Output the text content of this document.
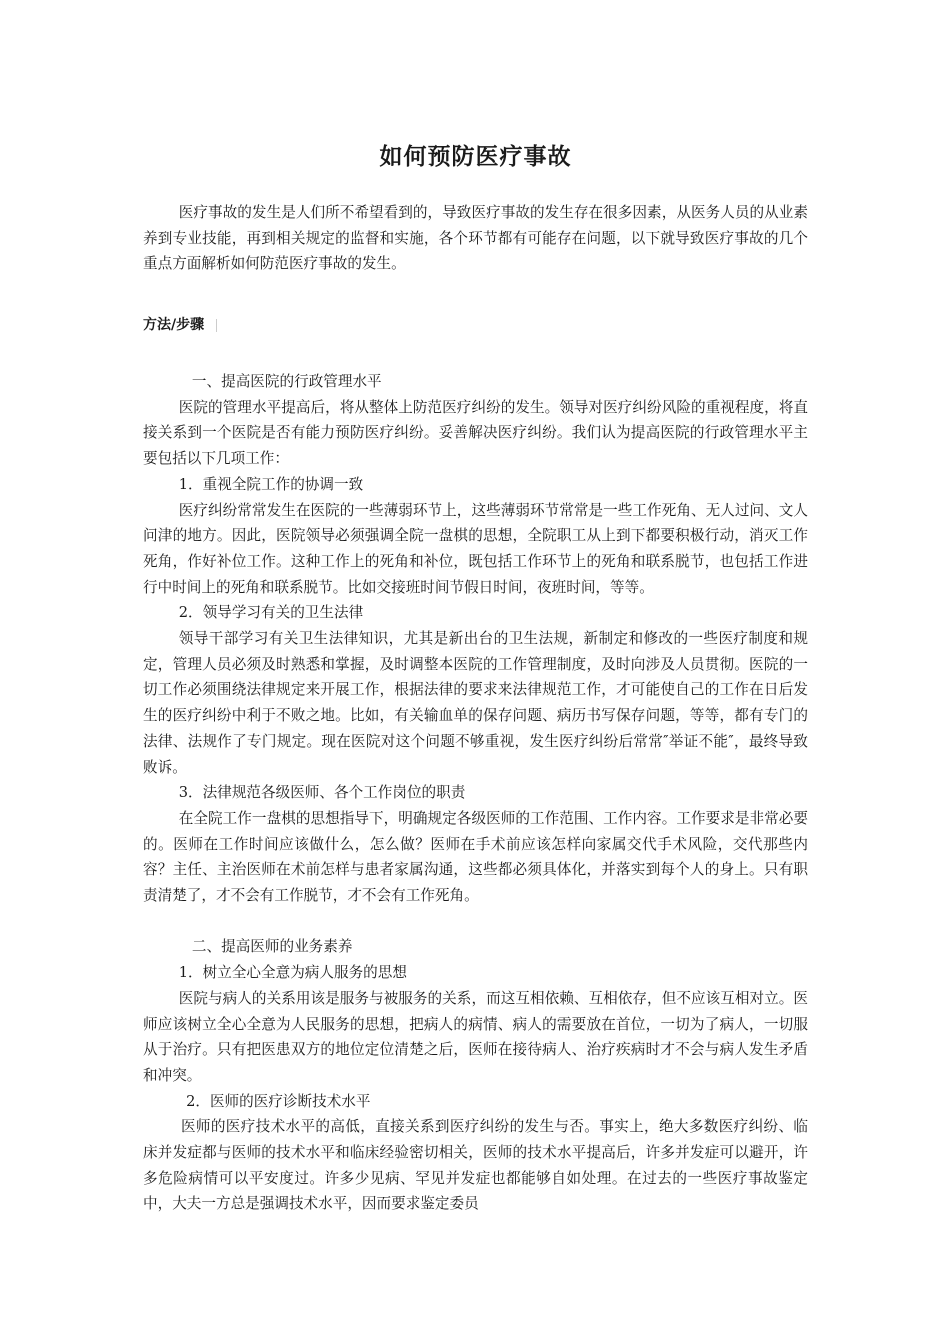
如何预防医疗事故

医疗事故的发生是人们所不希望看到的，导致医疗事故的发生存在很多因素，从医务人员的从业素养到专业技能，再到相关规定的监督和实施，各个环节都有可能存在问题，以下就导致医疗事故的几个重点方面解析如何防范医疗事故的发生。

方法/步骤

一、提高医院的行政管理水平

医院的管理水平提高后，将从整体上防范医疗纠纷的发生。领导对医疗纠纷风险的重视程度，将直接关系到一个医院是否有能力预防医疗纠纷。妥善解决医疗纠纷。我们认为提高医院的行政管理水平主要包括以下几项工作：

1．重视全院工作的协调一致

医疗纠纷常常发生在医院的一些薄弱环节上，这些薄弱环节常常是一些工作死角、无人过问、文人问津的地方。因此，医院领导必须强调全院一盘棋的思想，全院职工从上到下都要积极行动，消灭工作死角，作好补位工作。这种工作上的死角和补位，既包括工作环节上的死角和联系脱节，也包括工作进行中时间上的死角和联系脱节。比如交接班时间节假日时间，夜班时间，等等。

2．领导学习有关的卫生法律

领导干部学习有关卫生法律知识，尤其是新出台的卫生法规，新制定和修改的一些医疗制度和规定，管理人员必须及时熟悉和掌握，及时调整本医院的工作管理制度，及时向涉及人员贯彻。医院的一切工作必须围绕法律规定来开展工作，根据法律的要求来法律规范工作，才可能使自己的工作在日后发生的医疗纠纷中利于不败之地。比如，有关输血单的保存问题、病历书写保存问题，等等，都有专门的法律、法规作了专门规定。现在医院对这个问题不够重视，发生医疗纠纷后常常″举证不能″，最终导致败诉。

3．法律规范各级医师、各个工作岗位的职责

在全院工作一盘棋的思想指导下，明确规定各级医师的工作范围、工作内容。工作要求是非常必要的。医师在工作时间应该做什么，怎么做？医师在手术前应该怎样向家属交代手术风险，交代那些内容？主任、主治医师在术前怎样与患者家属沟通，这些都必须具体化，并落实到每个人的身上。只有职责清楚了，才不会有工作脱节，才不会有工作死角。

二、提高医师的业务素养

1．树立全心全意为病人服务的思想

医院与病人的关系用该是服务与被服务的关系，而这互相依赖、互相依存，但不应该互相对立。医师应该树立全心全意为人民服务的思想，把病人的病情、病人的需要放在首位，一切为了病人，一切服从于治疗。只有把医患双方的地位定位清楚之后，医师在接待病人、治疗疾病时才不会与病人发生矛盾和冲突。

2．医师的医疗诊断技术水平

医师的医疗技术水平的高低，直接关系到医疗纠纷的发生与否。事实上，绝大多数医疗纠纷、临床并发症都与医师的技术水平和临床经验密切相关，医师的技术水平提高后，许多并发症可以避开，许多危险病情可以平安度过。许多少见病、罕见并发症也都能够自如处理。在过去的一些医疗事故鉴定中，大夫一方总是强调技术水平，因而要求鉴定委员
